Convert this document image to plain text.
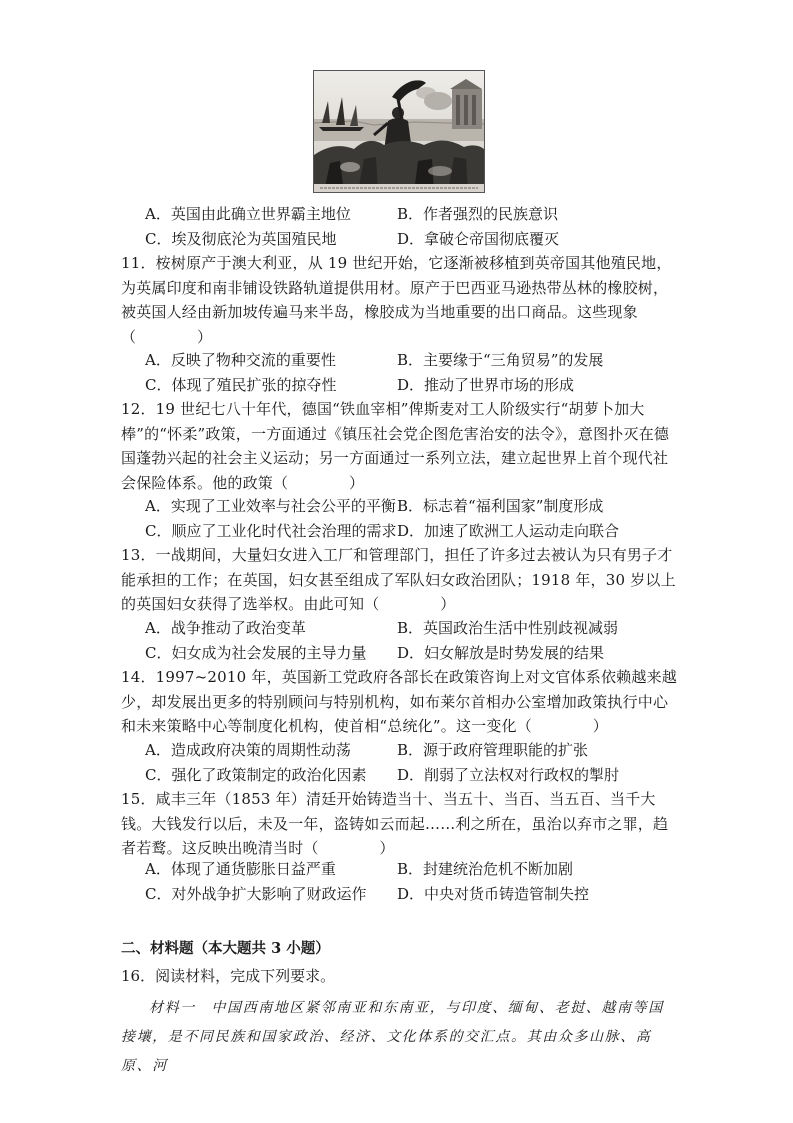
A．英国由此确立世界霸主地位	B．作者强烈的民族意识
C．埃及彻底沦为英国殖民地	D．拿破仑帝国彻底覆灭
11．桉树原产于澳大利亚，从 19 世纪开始，它逐渐被移植到英帝国其他殖民地，为英属印度和南非铺设铁路轨道提供用材。原产于巴西亚马逊热带丛林的橡胶树，被英国人经由新加坡传遍马来半岛，橡胶成为当地重要的出口商品。这些现象
（　　　　）
A．反映了物种交流的重要性	B．主要缘于“三角贸易”的发展
C．体现了殖民扩张的掠夺性	D．推动了世界市场的形成
12．19 世纪七八十年代，德国“铁血宰相”俾斯麦对工人阶级实行“胡萝卜加大棒”的“怀柔”政策，一方面通过《镇压社会党企图危害治安的法令》，意图扑灭在德国蓬勃兴起的社会主义运动；另一方面通过一系列立法，建立起世界上首个现代社会保险体系。他的政策（　　　　）
A．实现了工业效率与社会公平的平衡 B．标志着“福利国家”制度形成
C．顺应了工业化时代社会治理的需求 D．加速了欧洲工人运动走向联合
13．一战期间，大量妇女进入工厂和管理部门，担任了许多过去被认为只有男子才能承担的工作；在英国，妇女甚至组成了军队妇女政治团队；1918 年，30 岁以上的英国妇女获得了选举权。由此可知（　　　　）
A．战争推动了政治变革	B．英国政治生活中性别歧视减弱
C．妇女成为社会发展的主导力量 D．妇女解放是时势发展的结果
14．1997~2010 年，英国新工党政府各部长在政策咨询上对文官体系依赖越来越少，却发展出更多的特别顾问与特别机构，如布莱尔首相办公室增加政策执行中心和未来策略中心等制度化机构，使首相“总统化”。这一变化（　　　　）
A．造成政府决策的周期性动荡	B．源于政府管理职能的扩张
C．强化了政策制定的政治化因素 D．削弱了立法权对行政权的掣肘
15．咸丰三年（1853 年）清廷开始铸造当十、当五十、当百、当五百、当千大钱。大钱发行以后，未及一年，盗铸如云而起……利之所在，虽治以弃市之罪，趋者若鹜。这反映出晚清当时（　　　　）
A．体现了通货膨胀日益严重	B．封建统治危机不断加剧
C．对外战争扩大影响了财政运作 D．中央对货币铸造管制失控
二、材料题（本大题共 3 小题）
16．阅读材料，完成下列要求。
材料一　中国西南地区紧邻南亚和东南亚，与印度、缅甸、老挝、越南等国接壤，是不同民族和国家政治、经济、文化体系的交汇点。其由众多山脉、高原、河
